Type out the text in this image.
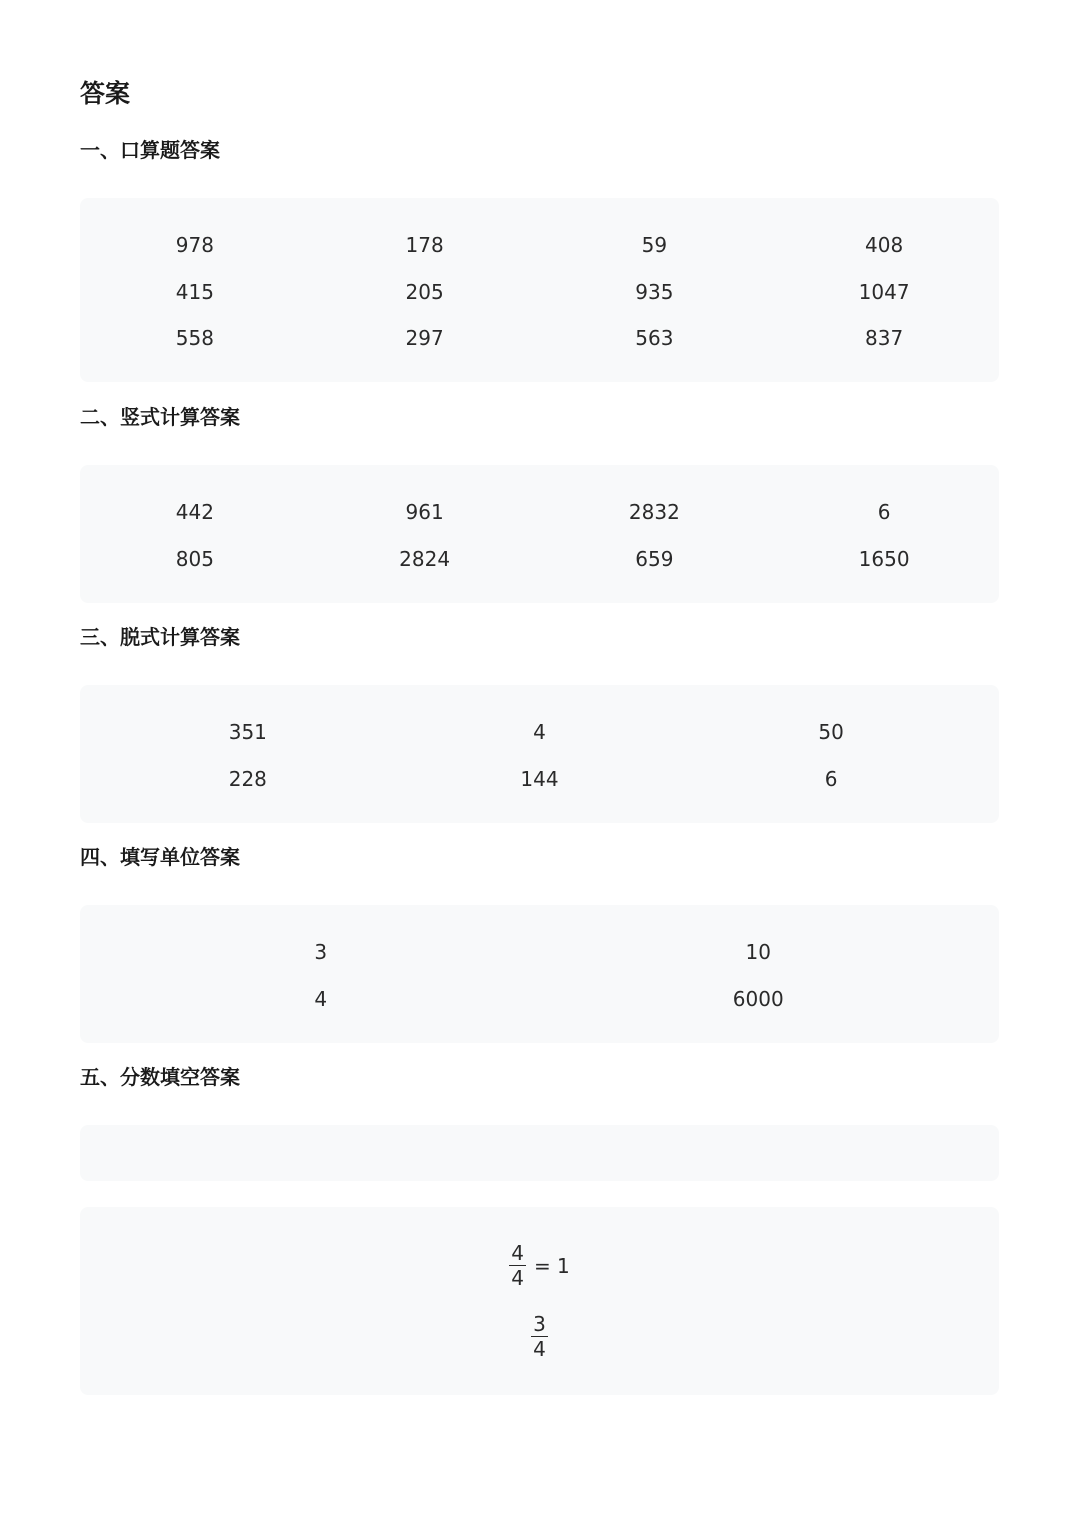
答案
一、口算题答案
978	178	59	408
415	205	935	1047
558	297	563	837
二、竖式计算答案
442	961	2832	6
805	2824	659	1650
三、脱式计算答案
351	4	50
228	144	6
四、填写单位答案
3	10
4	6000
五、分数填空答案
$\frac{4}{4} = 1$
$\frac{3}{4}$
